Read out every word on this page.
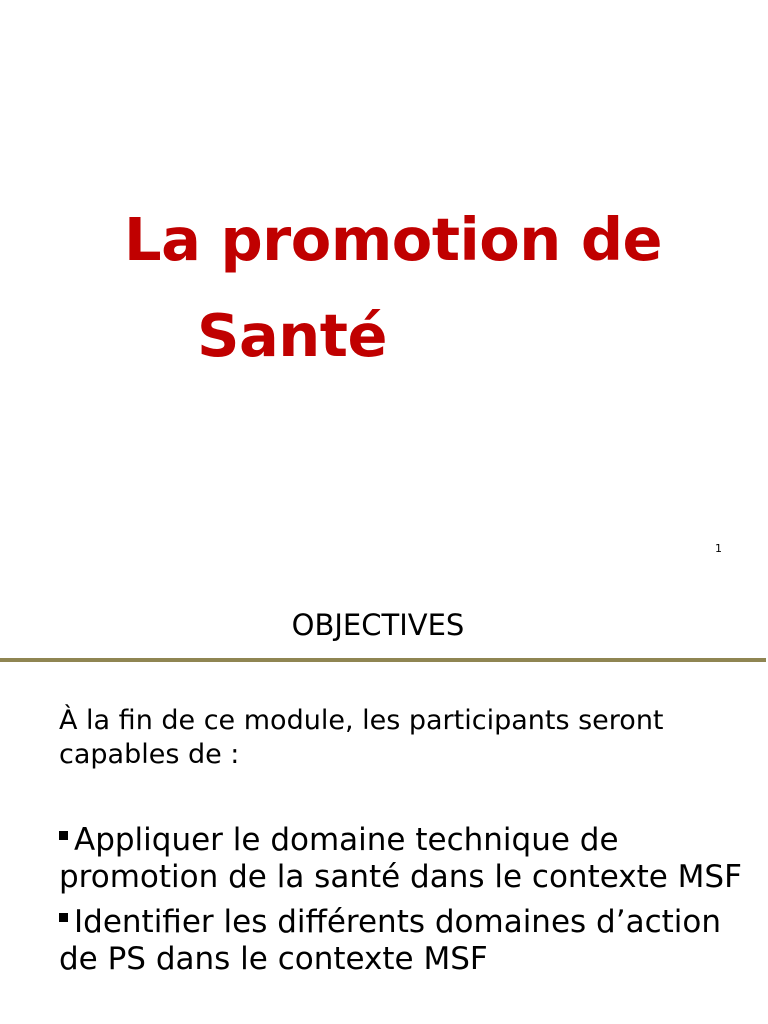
La promotion de
Santé
1
OBJECTIVES
À la fin de ce module, les participants seront capables de :
Appliquer le domaine technique de promotion de la santé dans le contexte MSF
Identifier les différents domaines d’action de PS dans le contexte MSF
